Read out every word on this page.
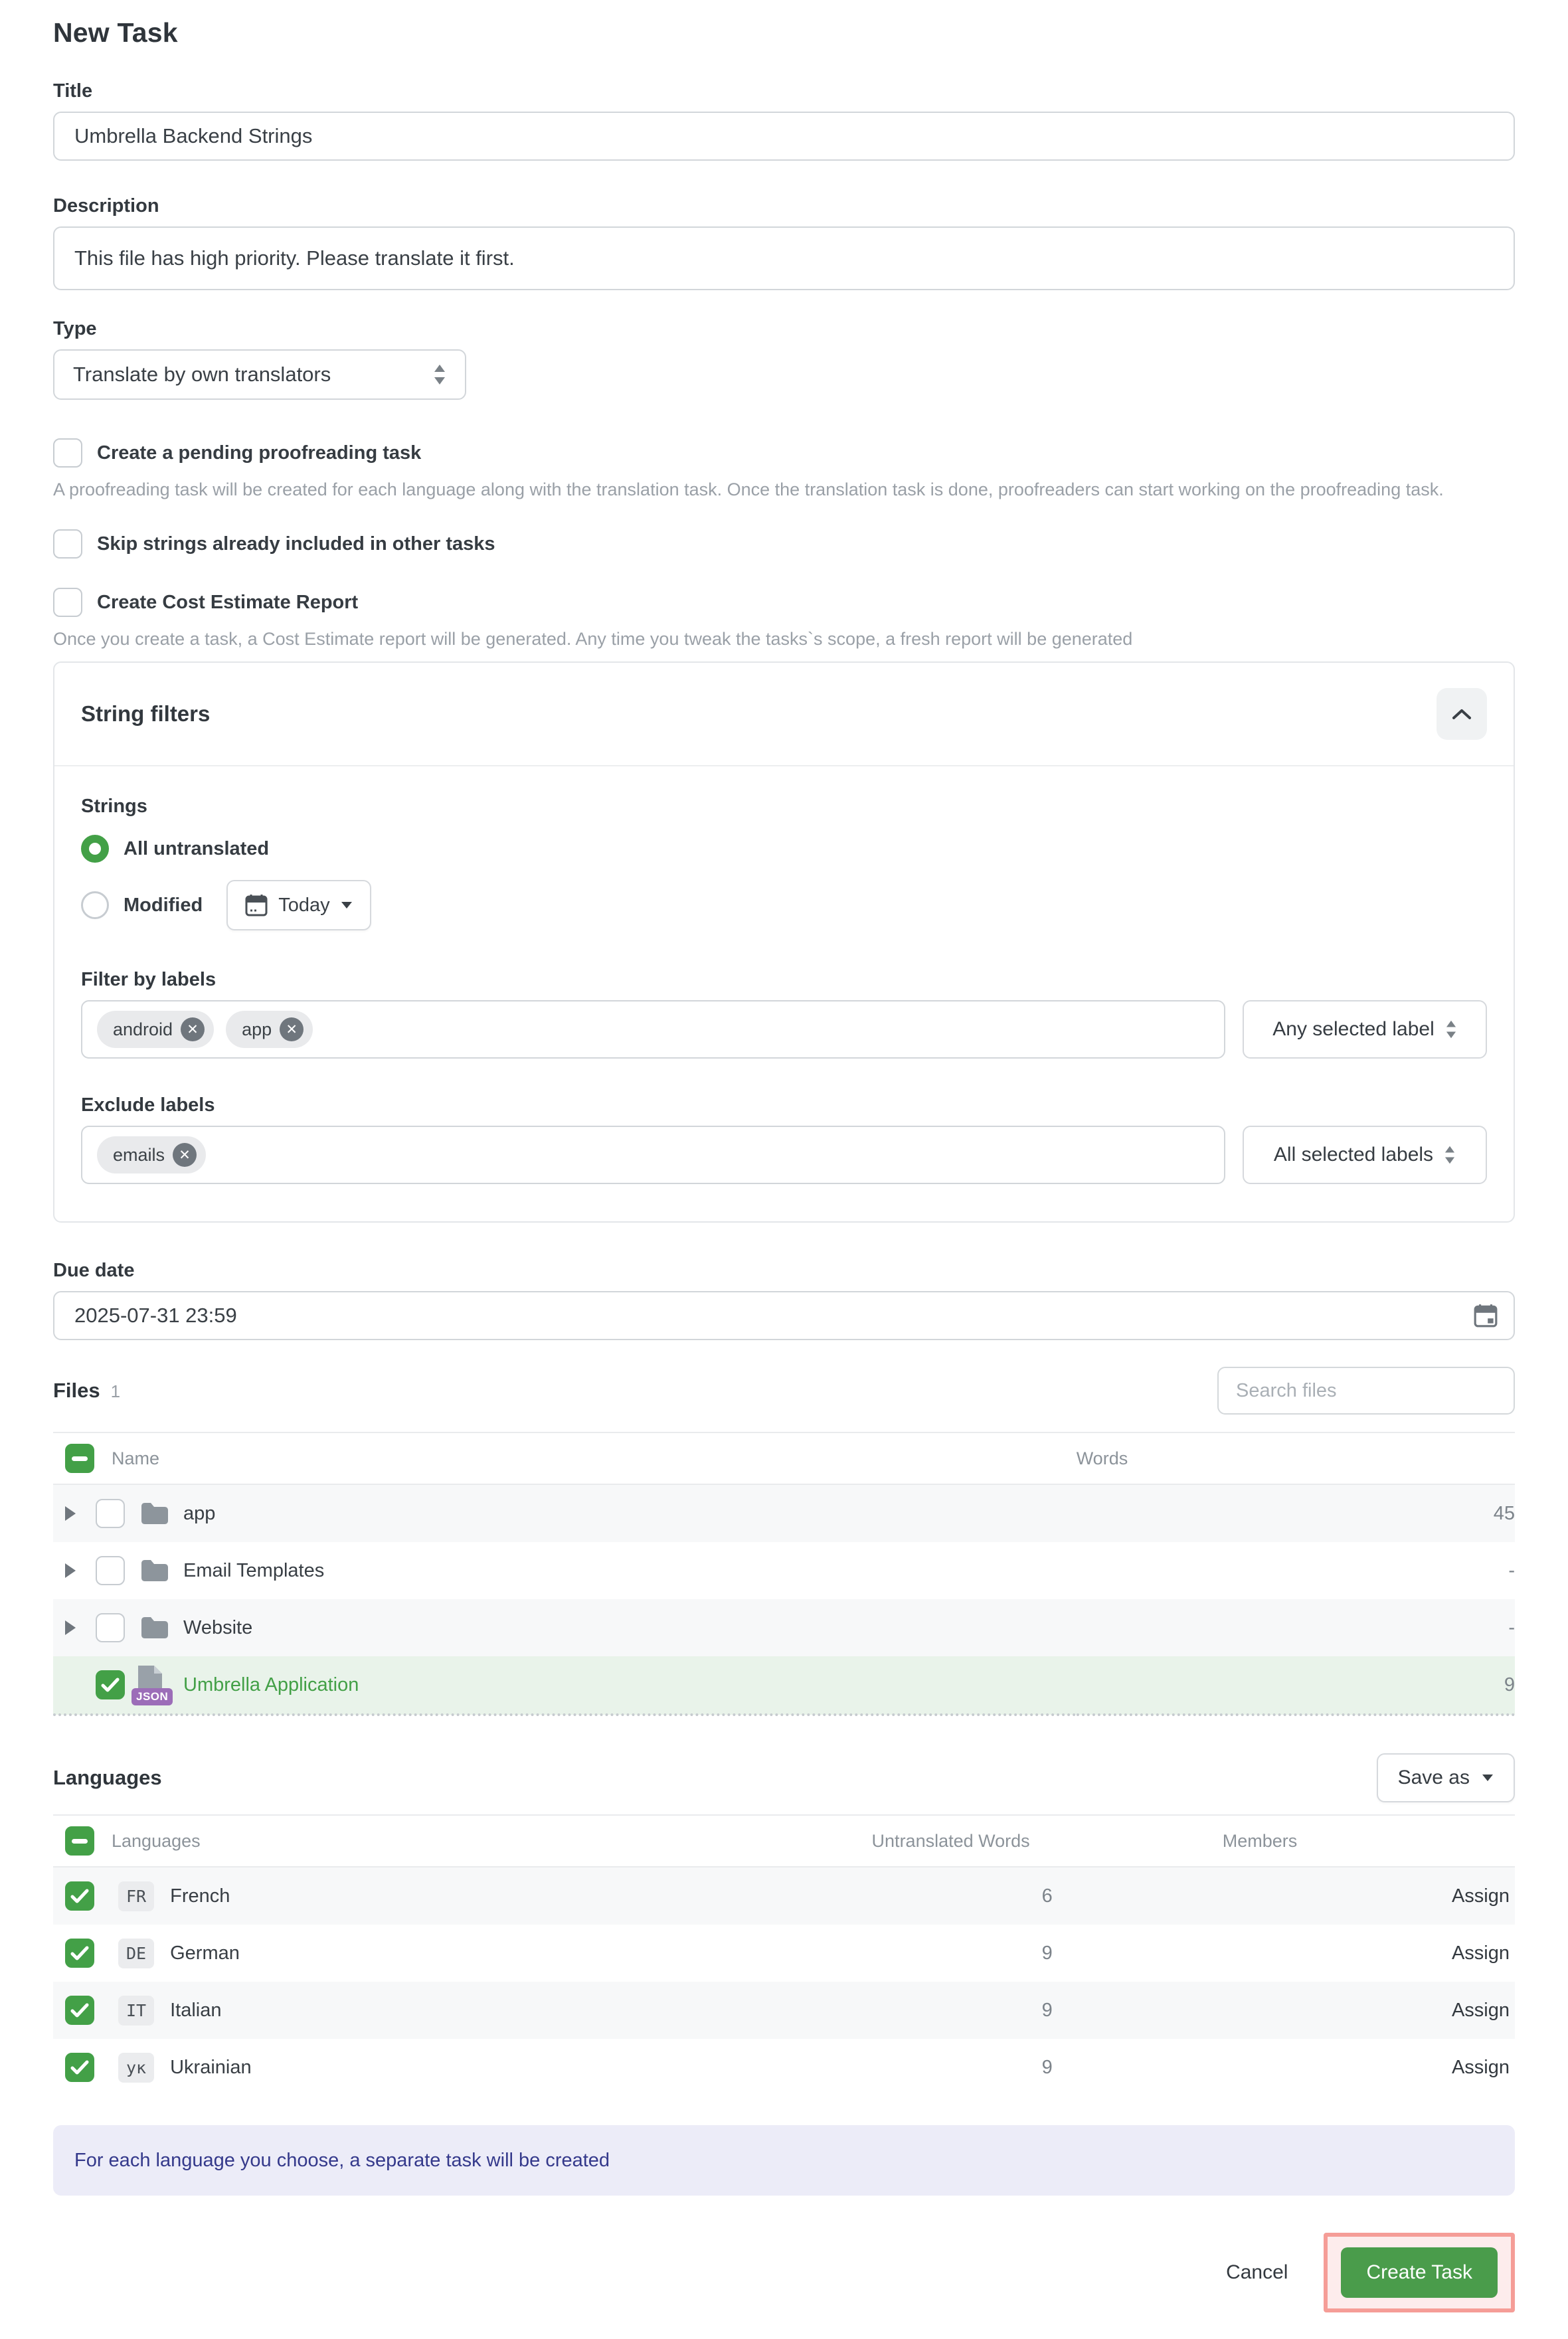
New Task
Title
Umbrella Backend Strings
Description
This file has high priority. Please translate it first.
Type
Translate by own translators
Create a pending proofreading task
A proofreading task will be created for each language along with the translation task. Once the translation task is done, proofreaders can start working on the proofreading task.
Skip strings already included in other tasks
Create Cost Estimate Report
Once you create a task, a Cost Estimate report will be generated. Any time you tweak the tasks`s scope, a fresh report will be generated
String filters
Strings
All untranslated
Modified	Today
Filter by labels
android	✕	app	✕	Any selected label
Exclude labels
emails	✕	All selected labels
Due date
2025-07-31 23:59
Files 1
Search files
Name	Words

app	45

Email Templates	-

Website	-

JSON
Umbrella Application	9
Languages	Save as
Languages	Untranslated Words	Members

FR French	6	Assign

DE German	9	Assign

IT Italian	9	Assign

ук Ukrainian	9	Assign
For each language you choose, a separate task will be created
Cancel	Create Task
